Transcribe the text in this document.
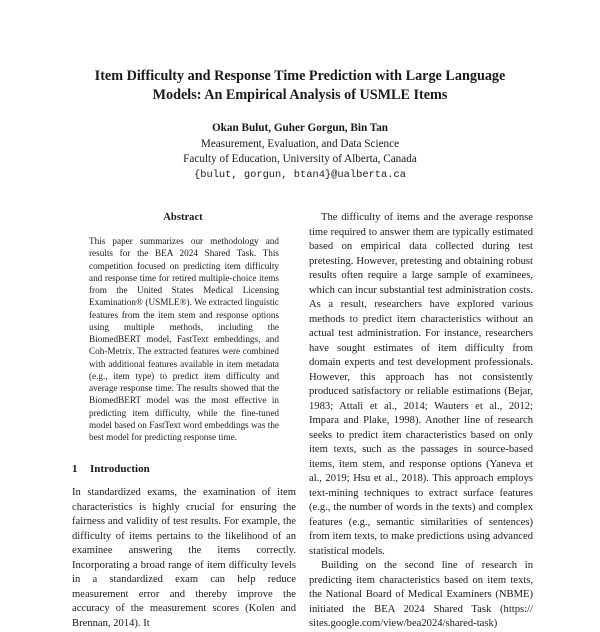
Item Difficulty and Response Time Prediction with Large Language
Models: An Empirical Analysis of USMLE Items
Okan Bulut, Guher Gorgun, Bin Tan
Measurement, Evaluation, and Data Science
Faculty of Education, University of Alberta, Canada
{bulut, gorgun, btan4}@ualberta.ca
Abstract
This paper summarizes our methodology and results for the BEA 2024 Shared Task. This competition focused on predicting item difficulty and response time for retired multiple-choice items from the United States Medical Licensing Examination® (USMLE®). We extracted linguistic features from the item stem and response options using multiple methods, including the BiomedBERT model, FastText embeddings, and Coh-Metrix. The extracted features were combined with additional features available in item metadata (e.g., item type) to predict item difficulty and average response time. The results showed that the BiomedBERT model was the most effective in predicting item difficulty, while the fine-tuned model based on FastText word embeddings was the best model for predicting response time.
1 Introduction

In standardized exams, the examination of item characteristics is highly crucial for ensuring the fairness and validity of test results. For example, the difficulty of items pertains to the likelihood of an examinee answering the items correctly. Incorporating a broad range of item difficulty levels in a standardized exam can help reduce measurement error and thereby improve the accuracy of the measurement scores (Kolen and Brennan, 2014). It

The difficulty of items and the average response time required to answer them are typically estimated based on empirical data collected during test pretesting. However, pretesting and obtaining robust results often require a large sample of examinees, which can incur substantial test administration costs. As a result, researchers have explored various methods to predict item characteristics without an actual test administration. For instance, researchers have sought estimates of item difficulty from domain experts and test development professionals. However, this approach has not consistently produced satisfactory or reliable estimations (Bejar, 1983; Attali et al., 2014; Wauters et al., 2012; Impara and Plake, 1998). Another line of research seeks to predict item characteristics based on only item texts, such as the passages in source-based items, item stem, and response options (Yaneva et al., 2019; Hsu et al., 2018). This approach employs text-mining techniques to extract surface features (e.g., the number of words in the texts) and complex features (e.g., semantic similarities of sentences) from item texts, to make predictions using advanced statistical models.

Building on the second line of research in predicting item characteristics based on item texts, the National Board of Medical Examiners (NBME) initiated the BEA 2024 Shared Task (https:// sites.google.com/view/bea2024/shared-task)
